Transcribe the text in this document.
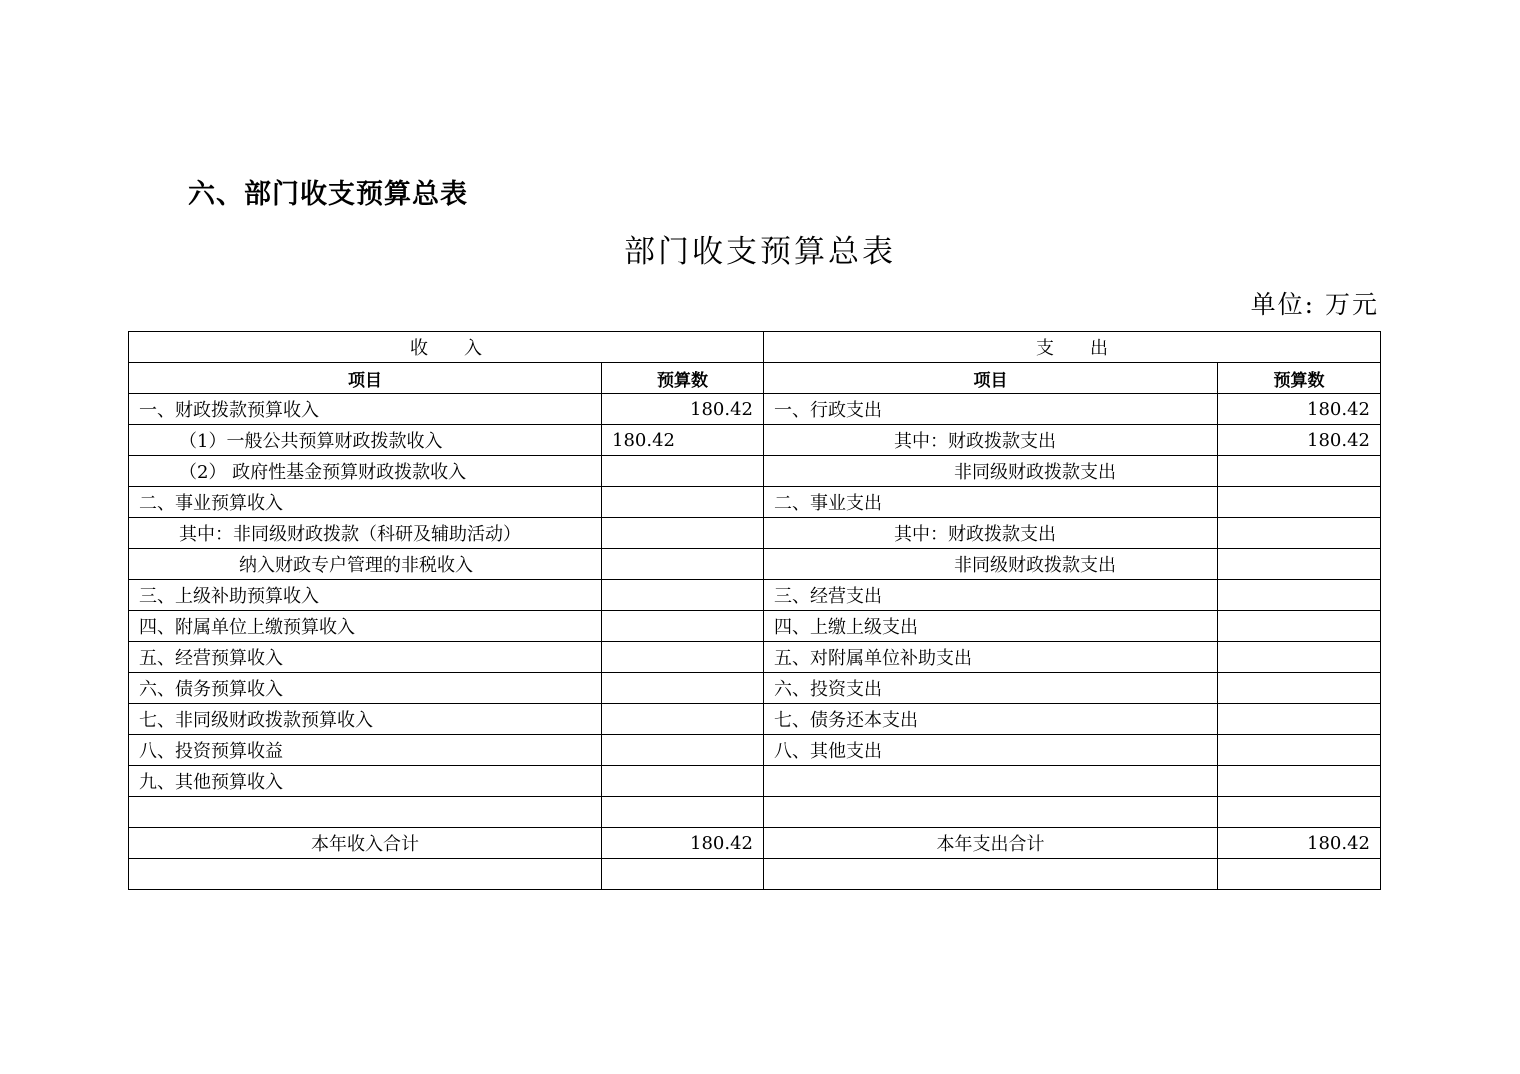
六、部门收支预算总表
部门收支预算总表
单位: 万元
收　　入		支　　出	
项目	预算数	项目	预算数
一、财政拨款预算收入	180.42	一、行政支出	180.42
（1）一般公共预算财政拨款收入	180.42	其中：财政拨款支出	180.42
（2） 政府性基金预算财政拨款收入		非同级财政拨款支出	
二、事业预算收入		二、事业支出	
其中：非同级财政拨款（科研及辅助活动）		其中：财政拨款支出	
纳入财政专户管理的非税收入		非同级财政拨款支出	
三、上级补助预算收入		三、经营支出	
四、附属单位上缴预算收入		四、上缴上级支出	
五、经营预算收入		五、对附属单位补助支出	
六、债务预算收入		六、投资支出	
七、非同级财政拨款预算收入		七、债务还本支出	
八、投资预算收益		八、其他支出	
九、其他预算收入			

本年收入合计	180.42	本年支出合计	180.42
